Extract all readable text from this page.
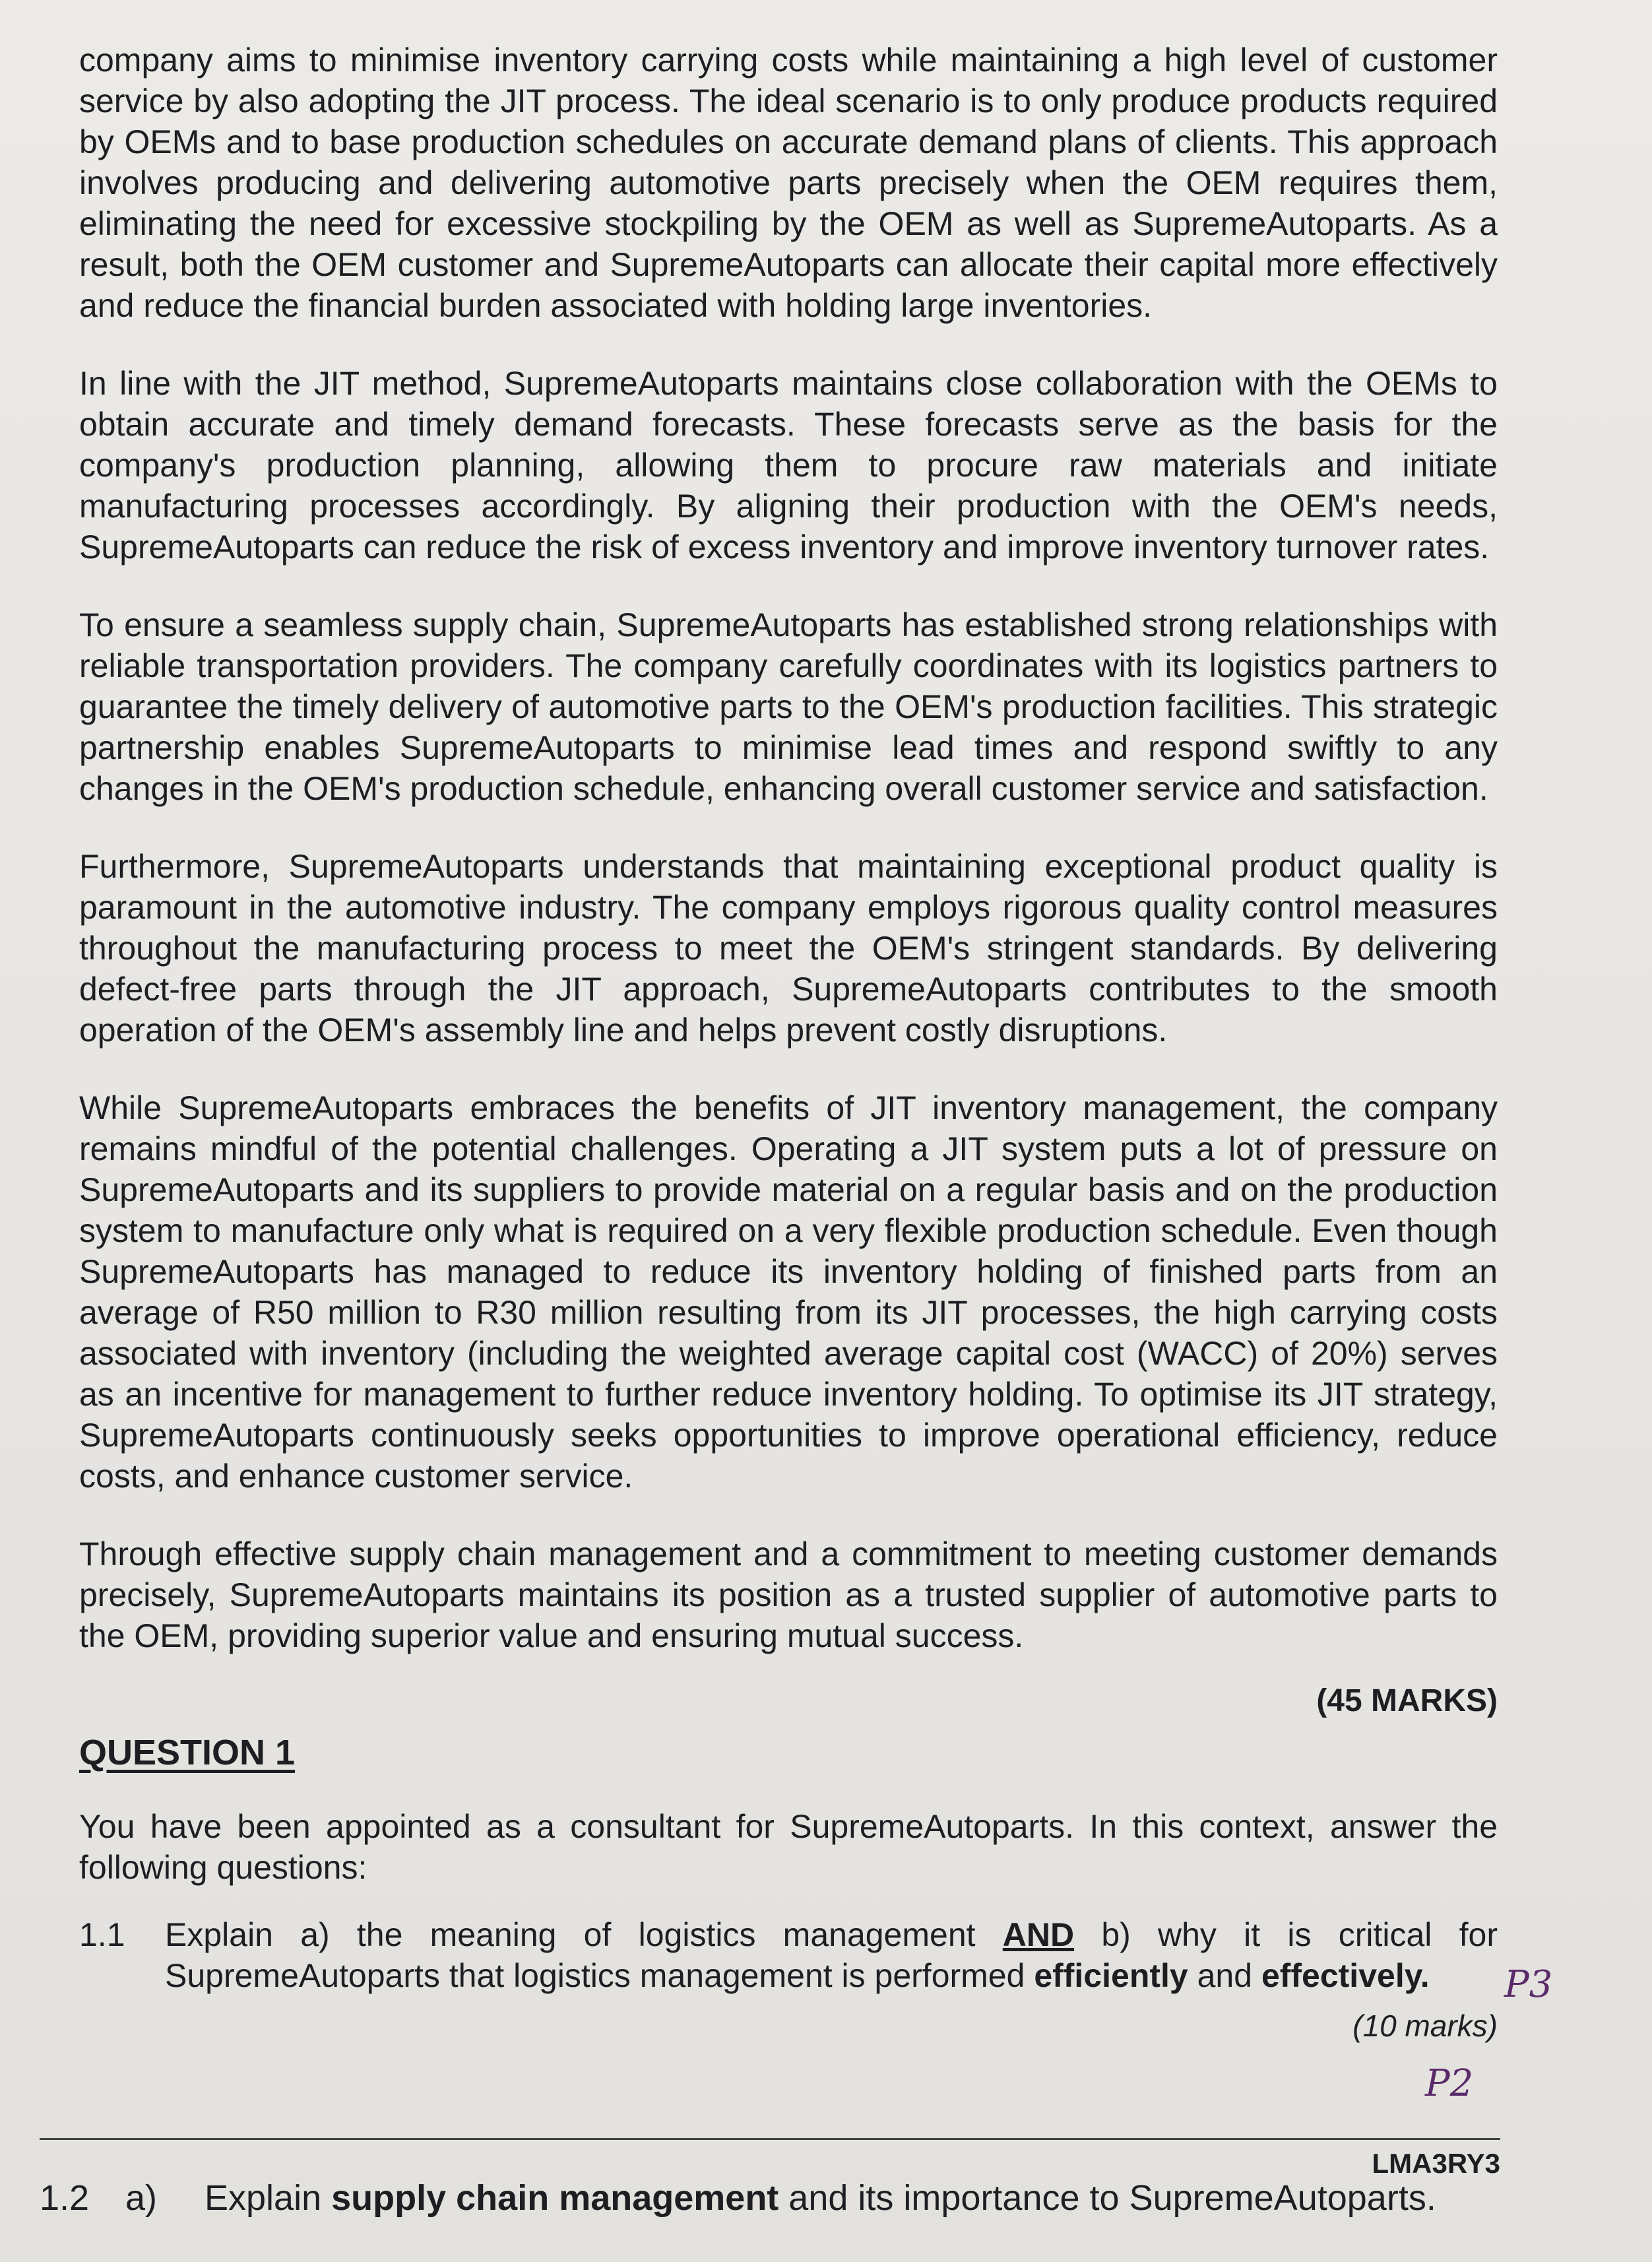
company aims to minimise inventory carrying costs while maintaining a high level of customer service by also adopting the JIT process. The ideal scenario is to only produce products required by OEMs and to base production schedules on accurate demand plans of clients. This approach involves producing and delivering automotive parts precisely when the OEM requires them, eliminating the need for excessive stockpiling by the OEM as well as SupremeAutoparts. As a result, both the OEM customer and SupremeAutoparts can allocate their capital more effectively and reduce the financial burden associated with holding large inventories.

In line with the JIT method, SupremeAutoparts maintains close collaboration with the OEMs to obtain accurate and timely demand forecasts. These forecasts serve as the basis for the company's production planning, allowing them to procure raw materials and initiate manufacturing processes accordingly. By aligning their production with the OEM's needs, SupremeAutoparts can reduce the risk of excess inventory and improve inventory turnover rates.

To ensure a seamless supply chain, SupremeAutoparts has established strong relationships with reliable transportation providers. The company carefully coordinates with its logistics partners to guarantee the timely delivery of automotive parts to the OEM's production facilities. This strategic partnership enables SupremeAutoparts to minimise lead times and respond swiftly to any changes in the OEM's production schedule, enhancing overall customer service and satisfaction.

Furthermore, SupremeAutoparts understands that maintaining exceptional product quality is paramount in the automotive industry. The company employs rigorous quality control measures throughout the manufacturing process to meet the OEM's stringent standards. By delivering defect-free parts through the JIT approach, SupremeAutoparts contributes to the smooth operation of the OEM's assembly line and helps prevent costly disruptions.

While SupremeAutoparts embraces the benefits of JIT inventory management, the company remains mindful of the potential challenges. Operating a JIT system puts a lot of pressure on SupremeAutoparts and its suppliers to provide material on a regular basis and on the production system to manufacture only what is required on a very flexible production schedule. Even though SupremeAutoparts has managed to reduce its inventory holding of finished parts from an average of R50 million to R30 million resulting from its JIT processes, the high carrying costs associated with inventory (including the weighted average capital cost (WACC) of 20%) serves as an incentive for management to further reduce inventory holding. To optimise its JIT strategy, SupremeAutoparts continuously seeks opportunities to improve operational efficiency, reduce costs, and enhance customer service.

Through effective supply chain management and a commitment to meeting customer demands precisely, SupremeAutoparts maintains its position as a trusted supplier of automotive parts to the OEM, providing superior value and ensuring mutual success.

(45 MARKS)
QUESTION 1

You have been appointed as a consultant for SupremeAutoparts. In this context, answer the following questions:

1.1	Explain a) the meaning of logistics management AND b) why it is critical for SupremeAutoparts that logistics management is performed efficiently and effectively.
(10 marks)
P3
P2
LMA3RY3
1.2	a)	Explain supply chain management and its importance to SupremeAutoparts.
